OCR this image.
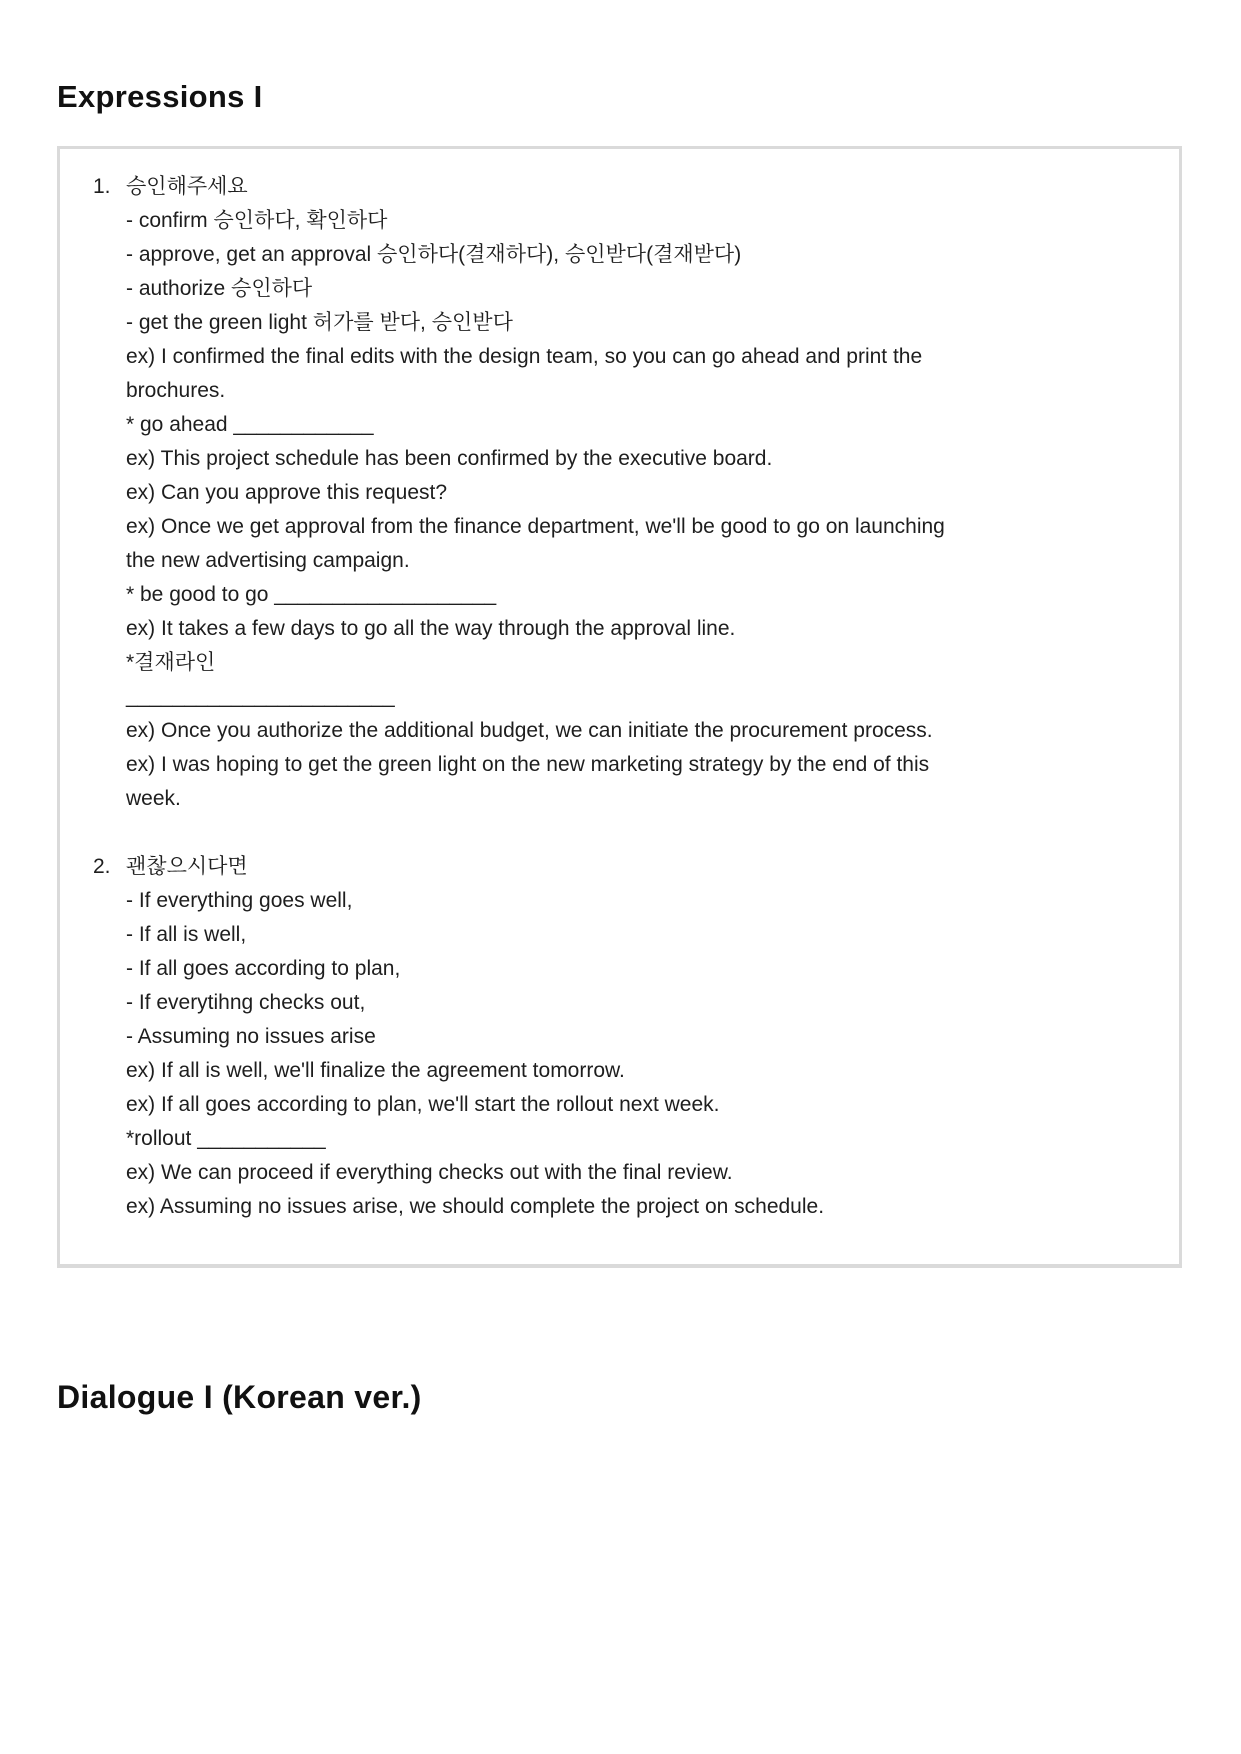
Expressions I
1. 승인해주세요
- confirm 승인하다, 확인하다
- approve, get an approval 승인하다(결재하다), 승인받다(결재받다)
- authorize 승인하다
- get the green light 허가를 받다, 승인받다
ex) I confirmed the final edits with the design team, so you can go ahead and print the
brochures.
* go ahead ____________
ex) This project schedule has been confirmed by the executive board.
ex) Can you approve this request?
ex) Once we get approval from the finance department, we'll be good to go on launching
the new advertising campaign.
* be good to go ___________________
ex) It takes a few days to go all the way through the approval line.
*결재라인
_______________________
ex) Once you authorize the additional budget, we can initiate the procurement process.
ex) I was hoping to get the green light on the new marketing strategy by the end of this
week.
2. 괜찮으시다면
- If everything goes well,
- If all is well,
- If all goes according to plan,
- If everytihng checks out,
- Assuming no issues arise
ex) If all is well, we'll finalize the agreement tomorrow.
ex) If all goes according to plan, we'll start the rollout next week.
*rollout ___________
ex) We can proceed if everything checks out with the final review.
ex) Assuming no issues arise, we should complete the project on schedule.
Dialogue I (Korean ver.)
